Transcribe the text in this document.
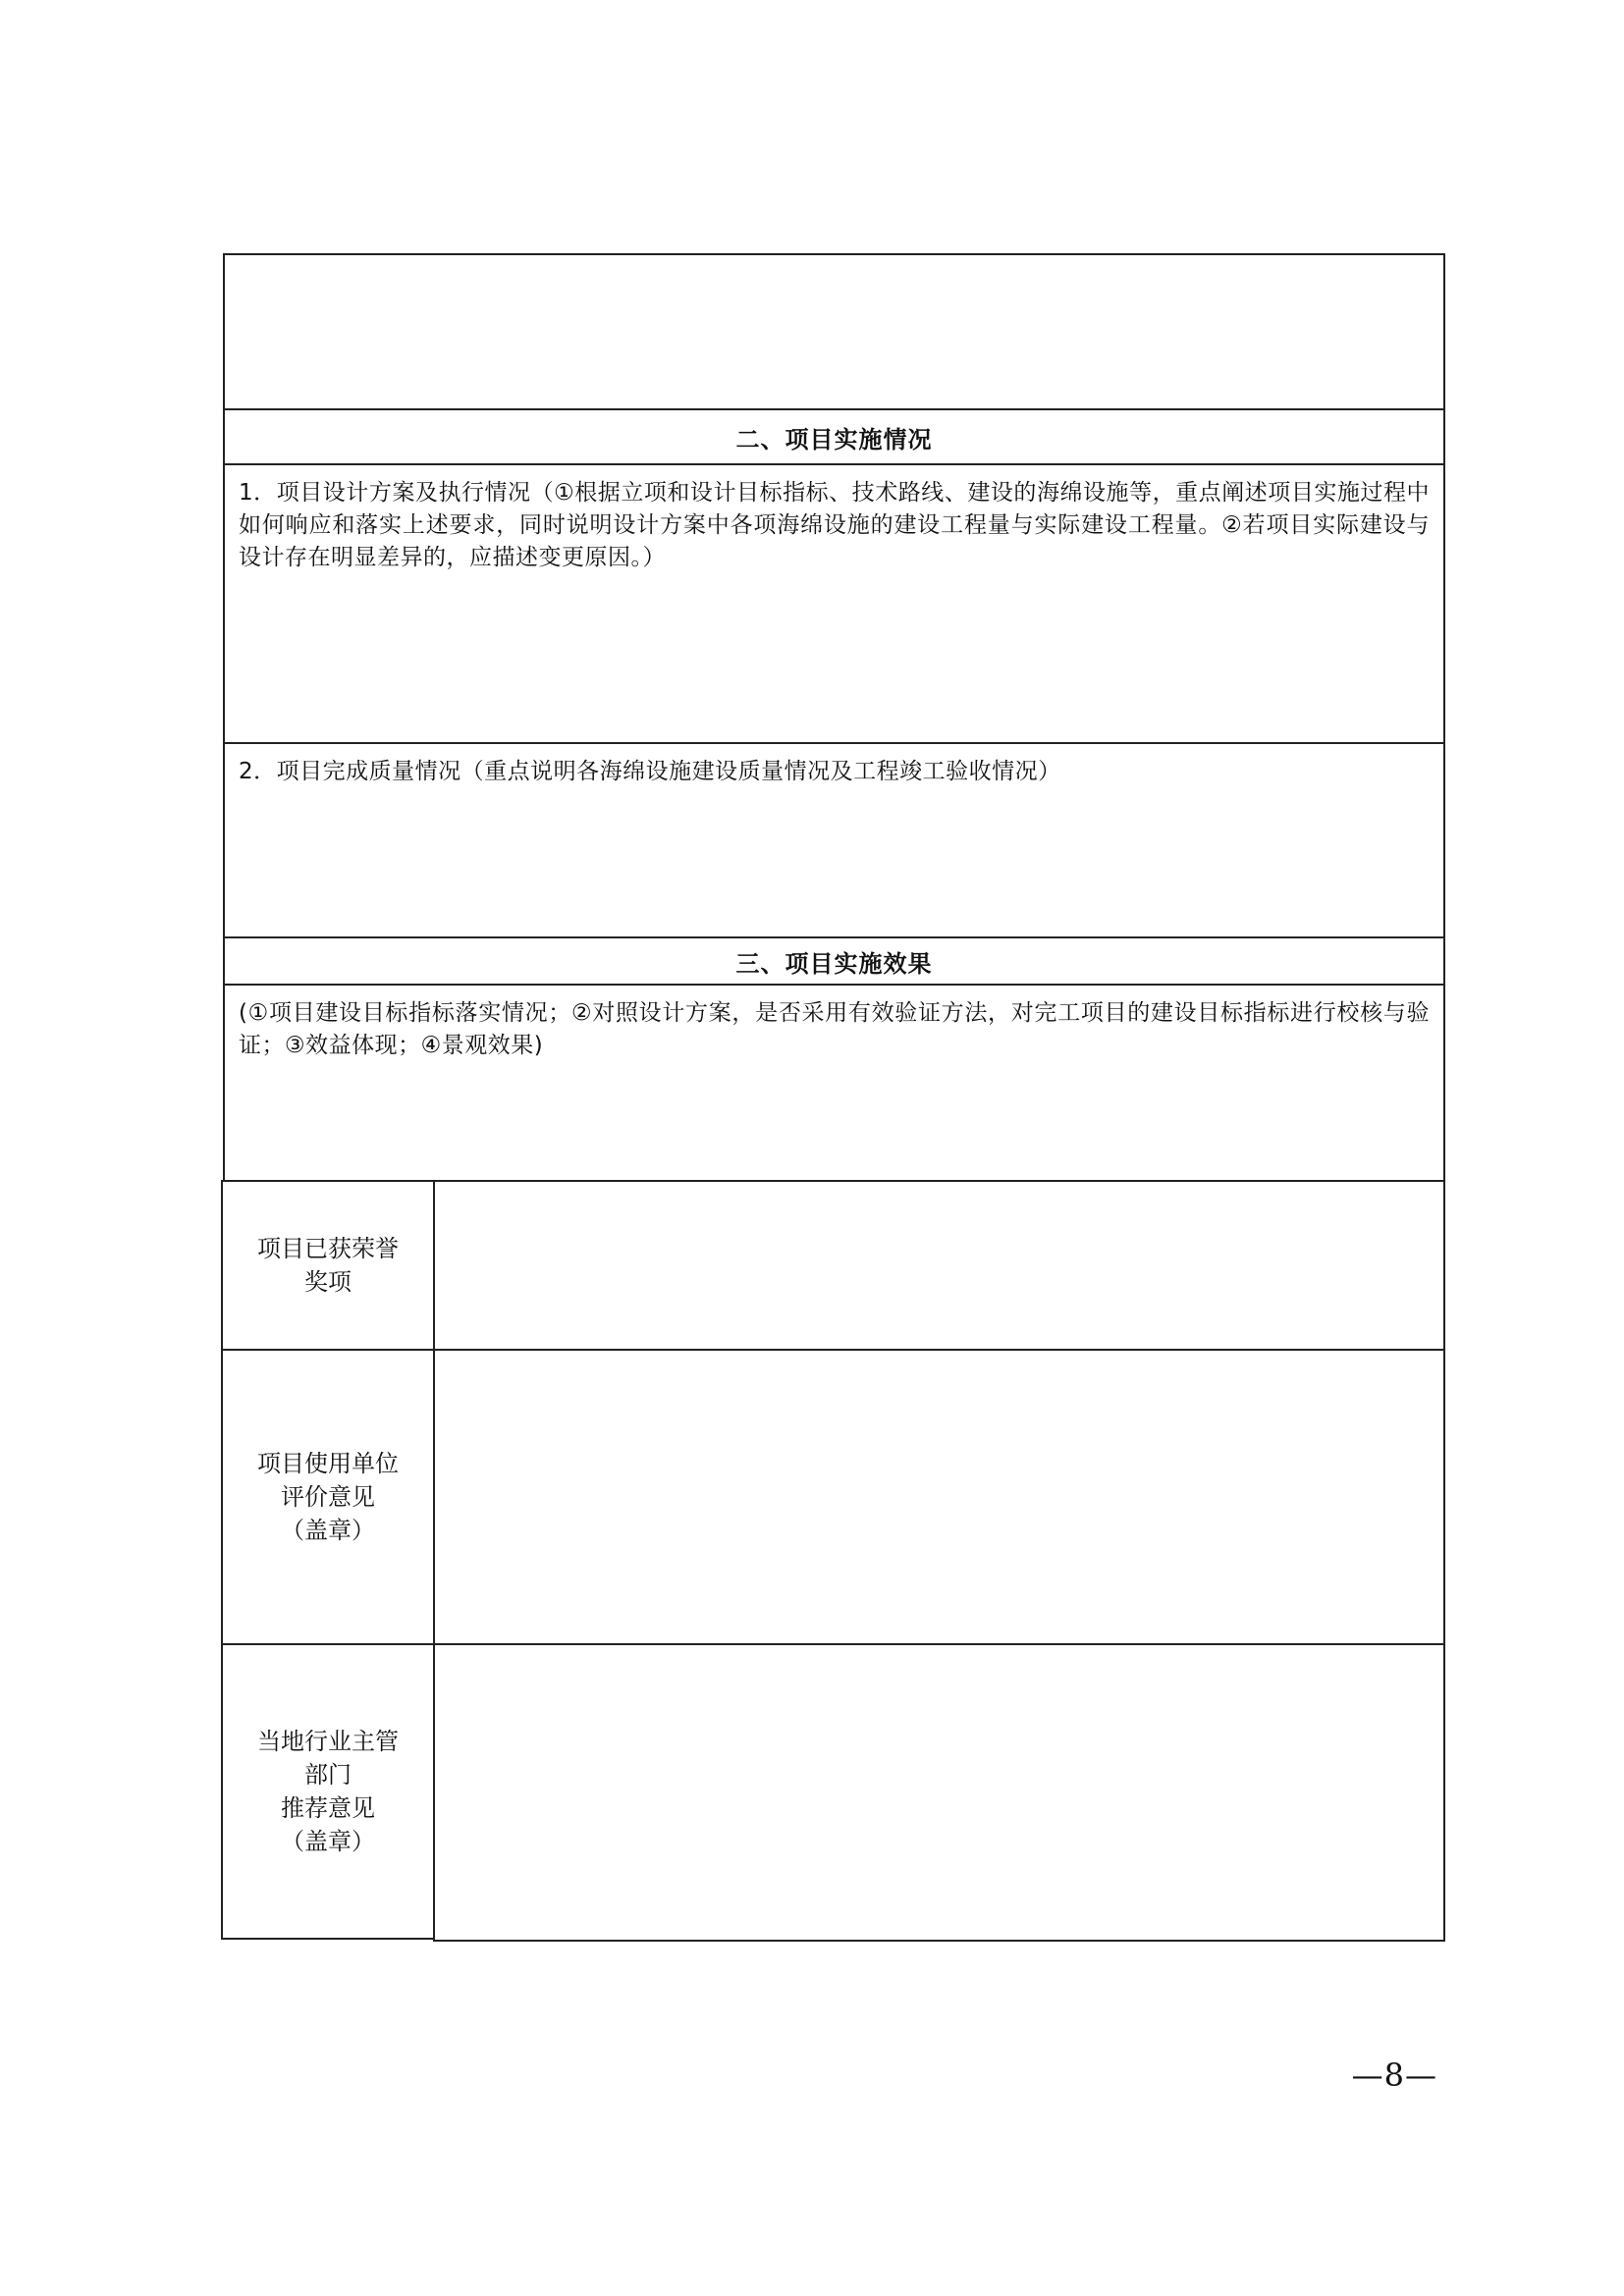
二、项目实施情况
1．项目设计方案及执行情况（①根据立项和设计目标指标、技术路线、建设的海绵设施等，重点阐述项目实施过程中如何响应和落实上述要求，同时说明设计方案中各项海绵设施的建设工程量与实际建设工程量。②若项目实际建设与设计存在明显差异的，应描述变更原因。）
2．项目完成质量情况（重点说明各海绵设施建设质量情况及工程竣工验收情况）
三、项目实施效果
(①项目建设目标指标落实情况；②对照设计方案，是否采用有效验证方法，对完工项目的建设目标指标进行校核与验证；③效益体现；④景观效果)
项目已获荣誉
奖项
项目使用单位
评价意见
（盖章）
当地行业主管
部门
推荐意见
（盖章）
—8—
